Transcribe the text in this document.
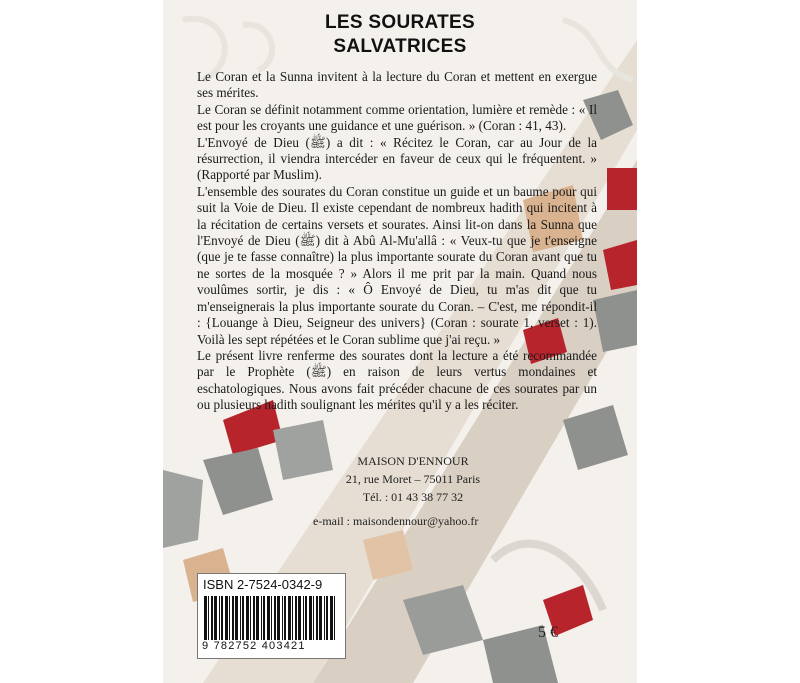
LES SOURATES
SALVATRICES

Le Coran et la Sunna invitent à la lecture du Coran et mettent en exergue ses mérites.

Le Coran se définit notamment comme orientation, lumière et remède : « Il est pour les croyants une guidance et une guérison. » (Coran : 41, 43).

L'Envoyé de Dieu (ﷺ) a dit : « Récitez le Coran, car au Jour de la résurrection, il viendra intercéder en faveur de ceux qui le fréquentent. » (Rapporté par Muslim).

L'ensemble des sourates du Coran constitue un guide et un baume pour qui suit la Voie de Dieu. Il existe cependant de nombreux hadith qui incitent à la récitation de certains versets et sourates. Ainsi lit-on dans la Sunna que l'Envoyé de Dieu (ﷺ) dit à Abû Al-Mu'allâ : « Veux-tu que je t'enseigne (que je te fasse connaître) la plus importante sourate du Coran avant que tu ne sortes de la mosquée ? » Alors il me prit par la main. Quand nous voulûmes sortir, je dis : « Ô Envoyé de Dieu, tu m'as dit que tu m'enseignerais la plus importante sourate du Coran. – C'est, me répondit-il : {Louange à Dieu, Seigneur des univers} (Coran : sourate 1, verset : 1). Voilà les sept répétées et le Coran sublime que j'ai reçu. »

Le présent livre renferme des sourates dont la lecture a été recommandée par le Prophète (ﷺ) en raison de leurs vertus mondaines et eschatologiques. Nous avons fait précéder chacune de ces sourates par un ou plusieurs hadith soulignant les mérites qu'il y a les réciter.

MAISON D'ENNOUR
21, rue Moret – 75011 Paris
Tél. : 01 43 38 77 32
e-mail : maisondennour@yahoo.fr
ISBN 2-7524-0342-9
9 782752 403421
5 €
